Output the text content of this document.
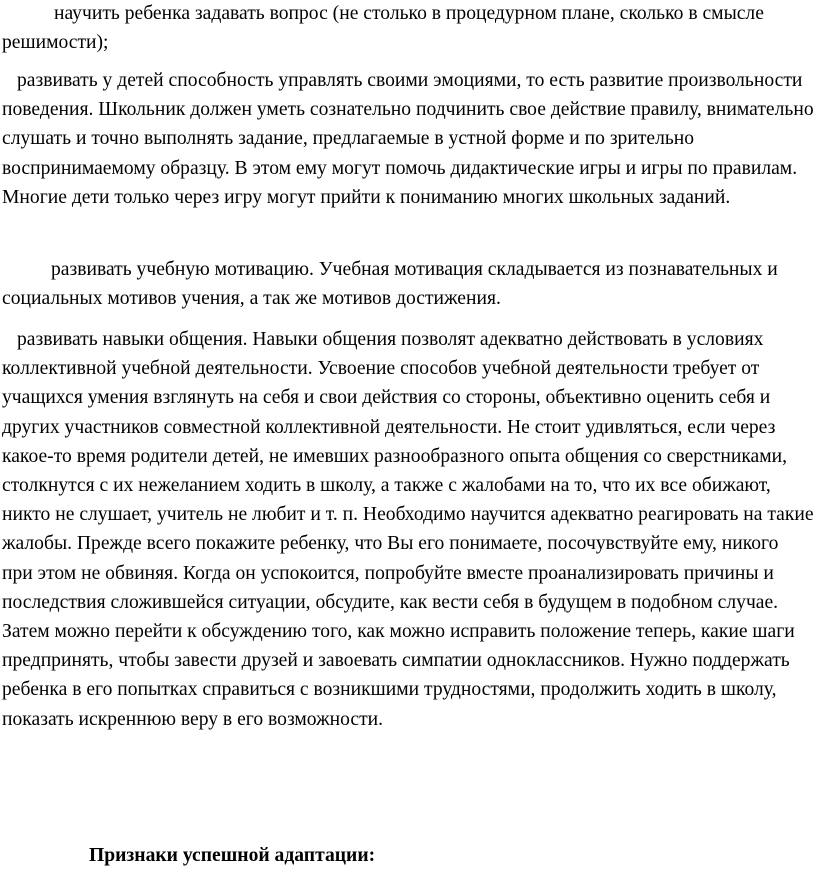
научить ребенка задавать вопрос (не столько в процедурном плане, сколько в смысле решимости);

развивать у детей способность управлять своими эмоциями, то есть развитие произвольности поведения. Школьник должен уметь сознательно подчинить свое действие правилу, внимательно слушать и точно выполнять задание, предлагаемые в устной форме и по зрительно воспринимаемому образцу. В этом ему могут помочь дидактические игры и игры по правилам. Многие дети только через игру могут прийти к пониманию многих школьных заданий.

развивать учебную мотивацию. Учебная мотивация складывается из познавательных и социальных мотивов учения, а так же мотивов достижения.

развивать навыки общения. Навыки общения позволят адекватно действовать в условиях коллективной учебной деятельности. Усвоение способов учебной деятельности требует от учащихся умения взглянуть на себя и свои действия со стороны, объективно оценить себя и других участников совместной коллективной деятельности. Не стоит удивляться, если через какое-то время родители детей, не имевших разнообразного опыта общения со сверстниками, столкнутся с их нежеланием ходить в школу, а также с жалобами на то, что их все обижают, никто не слушает, учитель не любит и т. п. Необходимо научится адекватно реагировать на такие жалобы. Прежде всего покажите ребенку, что Вы его понимаете, посочувствуйте ему, никого при этом не обвиняя. Когда он успокоится, попробуйте вместе проанализировать причины и последствия сложившейся ситуации, обсудите, как вести себя в будущем в подобном случае. Затем можно перейти к обсуждению того, как можно исправить положение теперь, какие шаги предпринять, чтобы завести друзей и завоевать симпатии одноклассников. Нужно поддержать ребенка в его попытках справиться с возникшими трудностями, продолжить ходить в школу, показать искреннюю веру в его возможности.

Признаки успешной адаптации:
